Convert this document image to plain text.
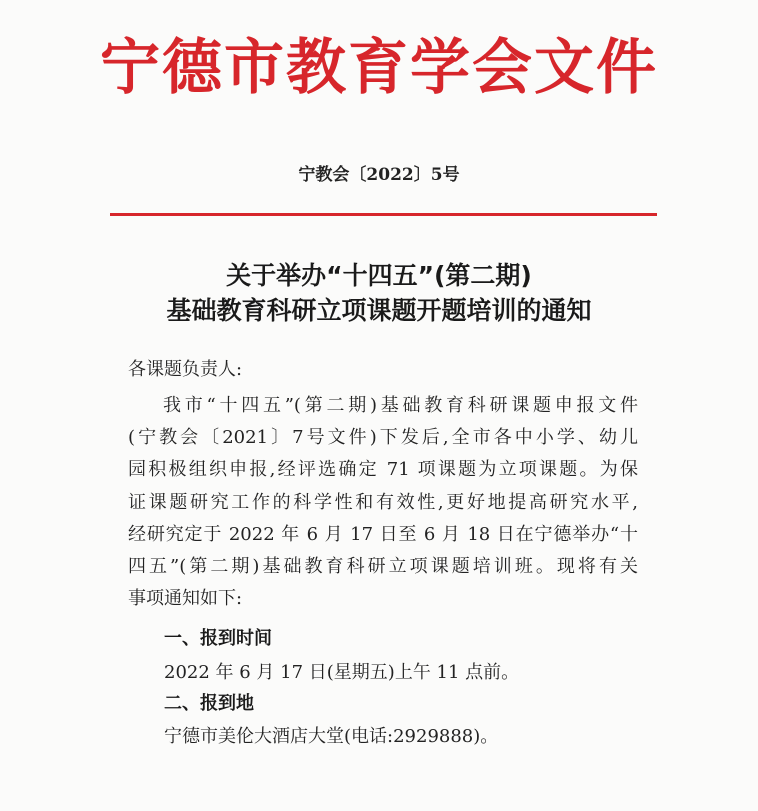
宁德市教育学会文件
宁教会〔2022〕5号
关于举办“十四五”(第二期)
基础教育科研立项课题开题培训的通知
各课题负责人:
我市“十四五”(第二期)基础教育科研课题申报文件
(宁教会〔2021〕7号文件)下发后,全市各中小学、幼儿
园积极组织申报,经评选确定 71 项课题为立项课题。为保
证课题研究工作的科学性和有效性,更好地提高研究水平,
经研究定于 2022 年 6 月 17 日至 6 月 18 日在宁德举办“十
四五”(第二期)基础教育科研立项课题培训班。现将有关
事项通知如下:
一、报到时间
2022 年 6 月 17 日(星期五)上午 11 点前。
二、报到地
宁德市美伦大酒店大堂(电话:2929888)。
